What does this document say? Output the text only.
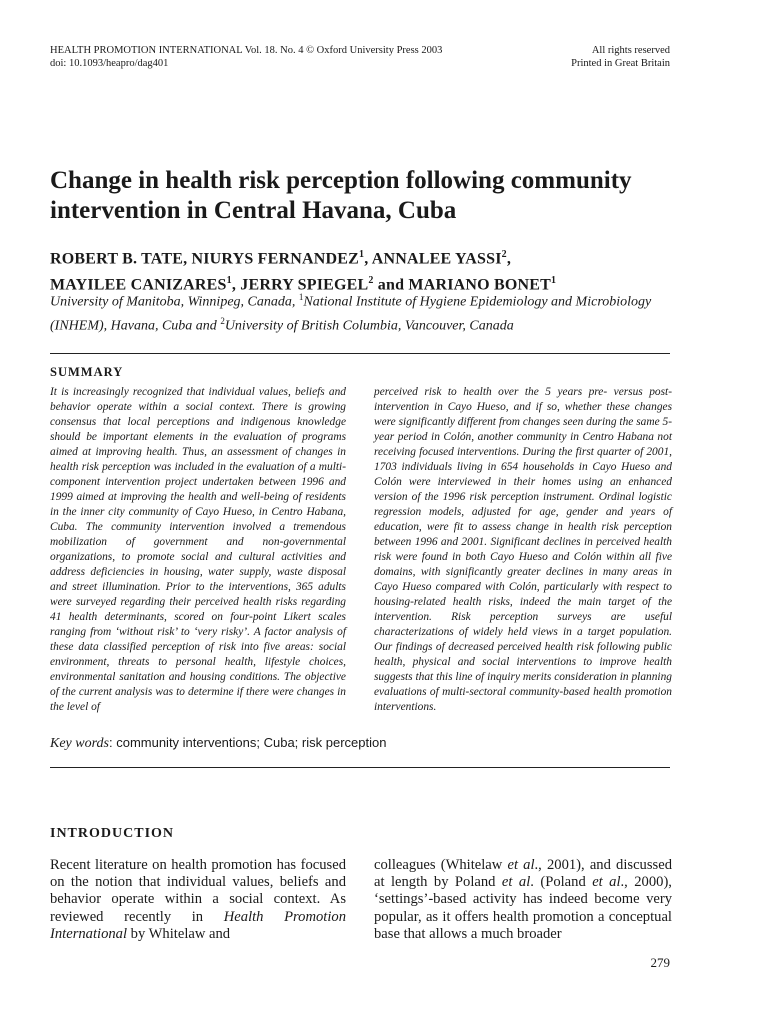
HEALTH PROMOTION INTERNATIONAL Vol. 18. No. 4 © Oxford University Press 2003
doi: 10.1093/heapro/dag401
All rights reserved
Printed in Great Britain
Change in health risk perception following community intervention in Central Havana, Cuba
ROBERT B. TATE, NIURYS FERNANDEZ$^1$, ANNALEE YASSI$^2$,
MAYILEE CANIZARES$^1$, JERRY SPIEGEL$^2$ and MARIANO BONET$^1$
University of Manitoba, Winnipeg, Canada, $^1$National Institute of Hygiene Epidemiology and Microbiology (INHEM), Havana, Cuba and $^2$University of British Columbia, Vancouver, Canada
SUMMARY

It is increasingly recognized that individual values, beliefs and behavior operate within a social context. There is growing consensus that local perceptions and indigenous knowledge should be important elements in the evaluation of programs aimed at improving health. Thus, an assessment of changes in health risk perception was included in the evaluation of a multi-component intervention project undertaken between 1996 and 1999 aimed at improving the health and well-being of residents in the inner city community of Cayo Hueso, in Centro Habana, Cuba. The community intervention involved a tremendous mobilization of government and non-governmental organizations, to promote social and cultural activities and address deficiencies in housing, water supply, waste disposal and street illumination. Prior to the interventions, 365 adults were surveyed regarding their perceived health risks regarding 41 health determinants, scored on four-point Likert scales ranging from ‘without risk’ to ‘very risky’. A factor analysis of these data classified perception of risk into five areas: social environment, threats to personal health, lifestyle choices, environmental sanitation and housing conditions. The objective of the current analysis was to determine if there were changes in the level of

perceived risk to health over the 5 years pre- versus post-intervention in Cayo Hueso, and if so, whether these changes were significantly different from changes seen during the same 5-year period in Colón, another community in Centro Habana not receiving focused interventions. During the first quarter of 2001, 1703 individuals living in 654 households in Cayo Hueso and Colón were interviewed in their homes using an enhanced version of the 1996 risk perception instrument. Ordinal logistic regression models, adjusted for age, gender and years of education, were fit to assess change in health risk perception between 1996 and 2001. Significant declines in perceived health risk were found in both Cayo Hueso and Colón within all five domains, with significantly greater declines in many areas in Cayo Hueso compared with Colón, particularly with respect to housing-related health risks, indeed the main target of the intervention. Risk perception surveys are useful characterizations of widely held views in a target population. Our findings of decreased perceived health risk following public health, physical and social interventions to improve health suggests that this line of inquiry merits consideration in planning evaluations of multi-sectoral community-based health promotion interventions.

Key words: community interventions; Cuba; risk perception
INTRODUCTION

Recent literature on health promotion has focused on the notion that individual values, beliefs and behavior operate within a social context. As reviewed recently in Health Promotion International by Whitelaw and

colleagues (Whitelaw et al., 2001), and discussed at length by Poland et al. (Poland et al., 2000), ‘settings’-based activity has indeed become very popular, as it offers health promotion a conceptual base that allows a much broader

279
